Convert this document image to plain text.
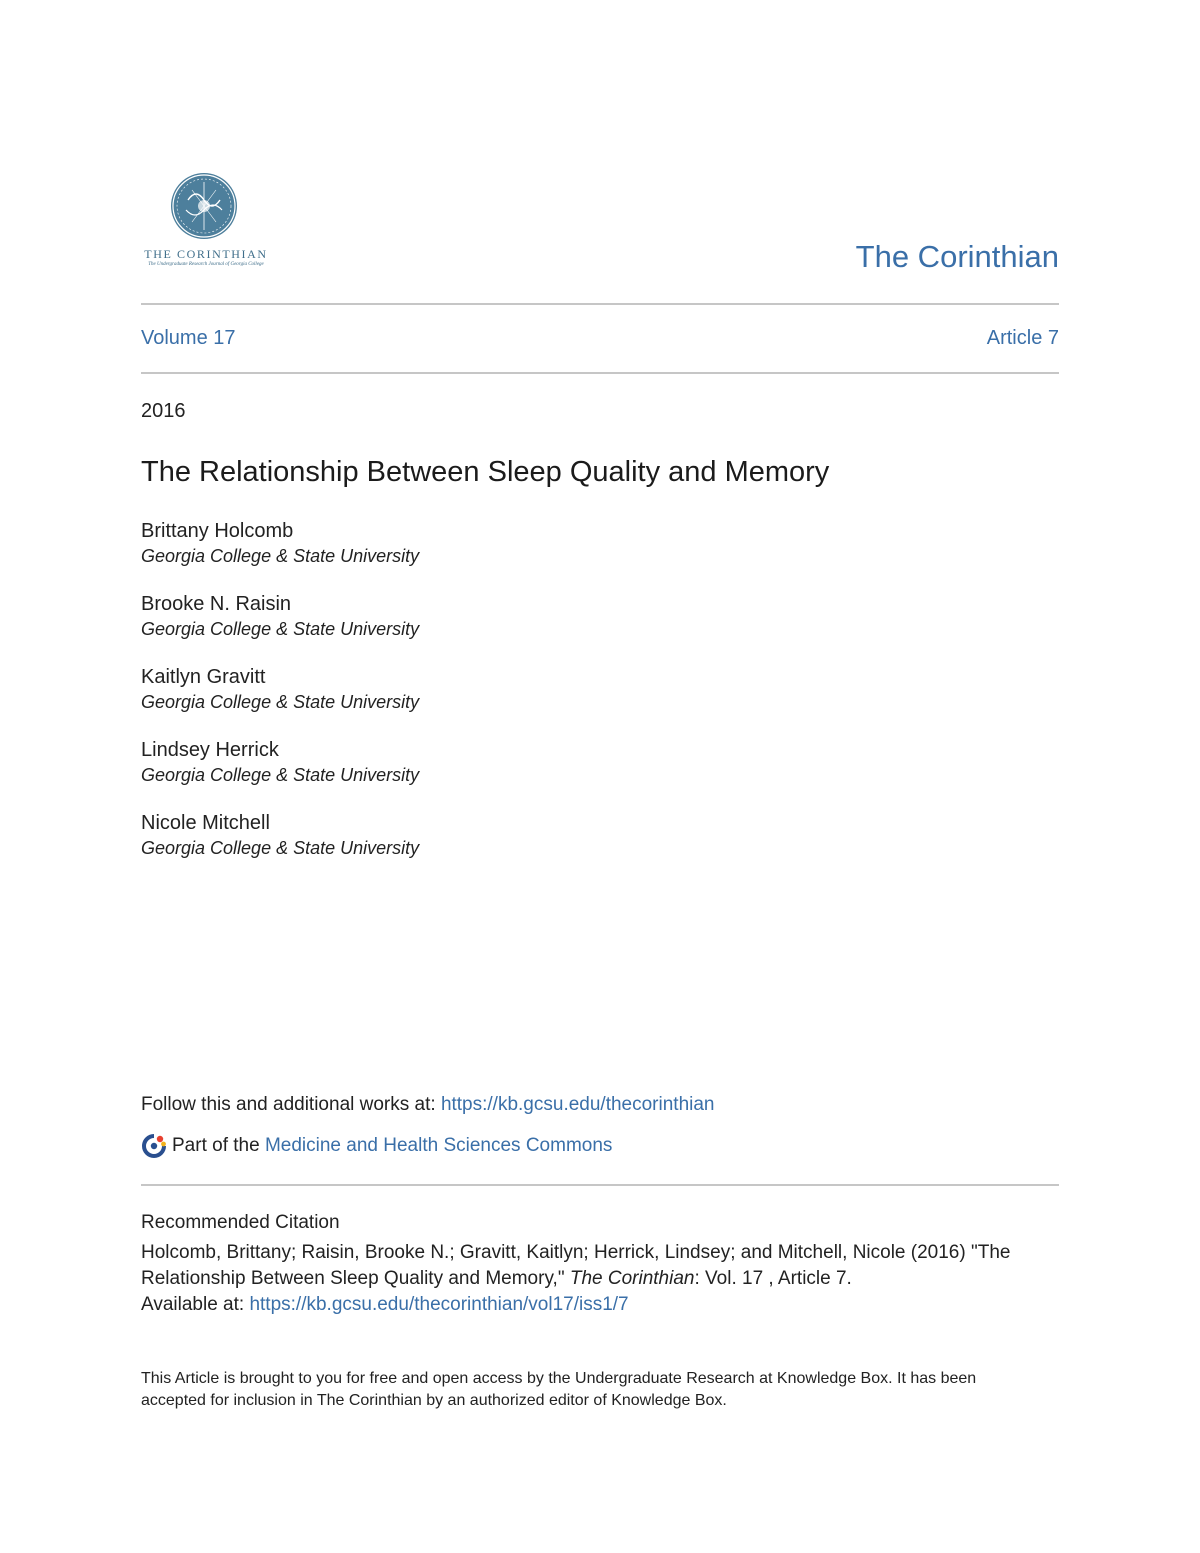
THE CORINTHIAN
The Undergraduate Research Journal of Georgia College	The Corinthian
Volume 17	Article 7
2016
The Relationship Between Sleep Quality and Memory
Brittany Holcomb
Georgia College & State University
Brooke N. Raisin
Georgia College & State University
Kaitlyn Gravitt
Georgia College & State University
Lindsey Herrick
Georgia College & State University
Nicole Mitchell
Georgia College & State University
Follow this and additional works at: https://kb.gcsu.edu/thecorinthian
Part of the Medicine and Health Sciences Commons
Recommended Citation
Holcomb, Brittany; Raisin, Brooke N.; Gravitt, Kaitlyn; Herrick, Lindsey; and Mitchell, Nicole (2016) "The Relationship Between Sleep Quality and Memory," The Corinthian: Vol. 17 , Article 7.
Available at: https://kb.gcsu.edu/thecorinthian/vol17/iss1/7
This Article is brought to you for free and open access by the Undergraduate Research at Knowledge Box. It has been accepted for inclusion in The Corinthian by an authorized editor of Knowledge Box.
